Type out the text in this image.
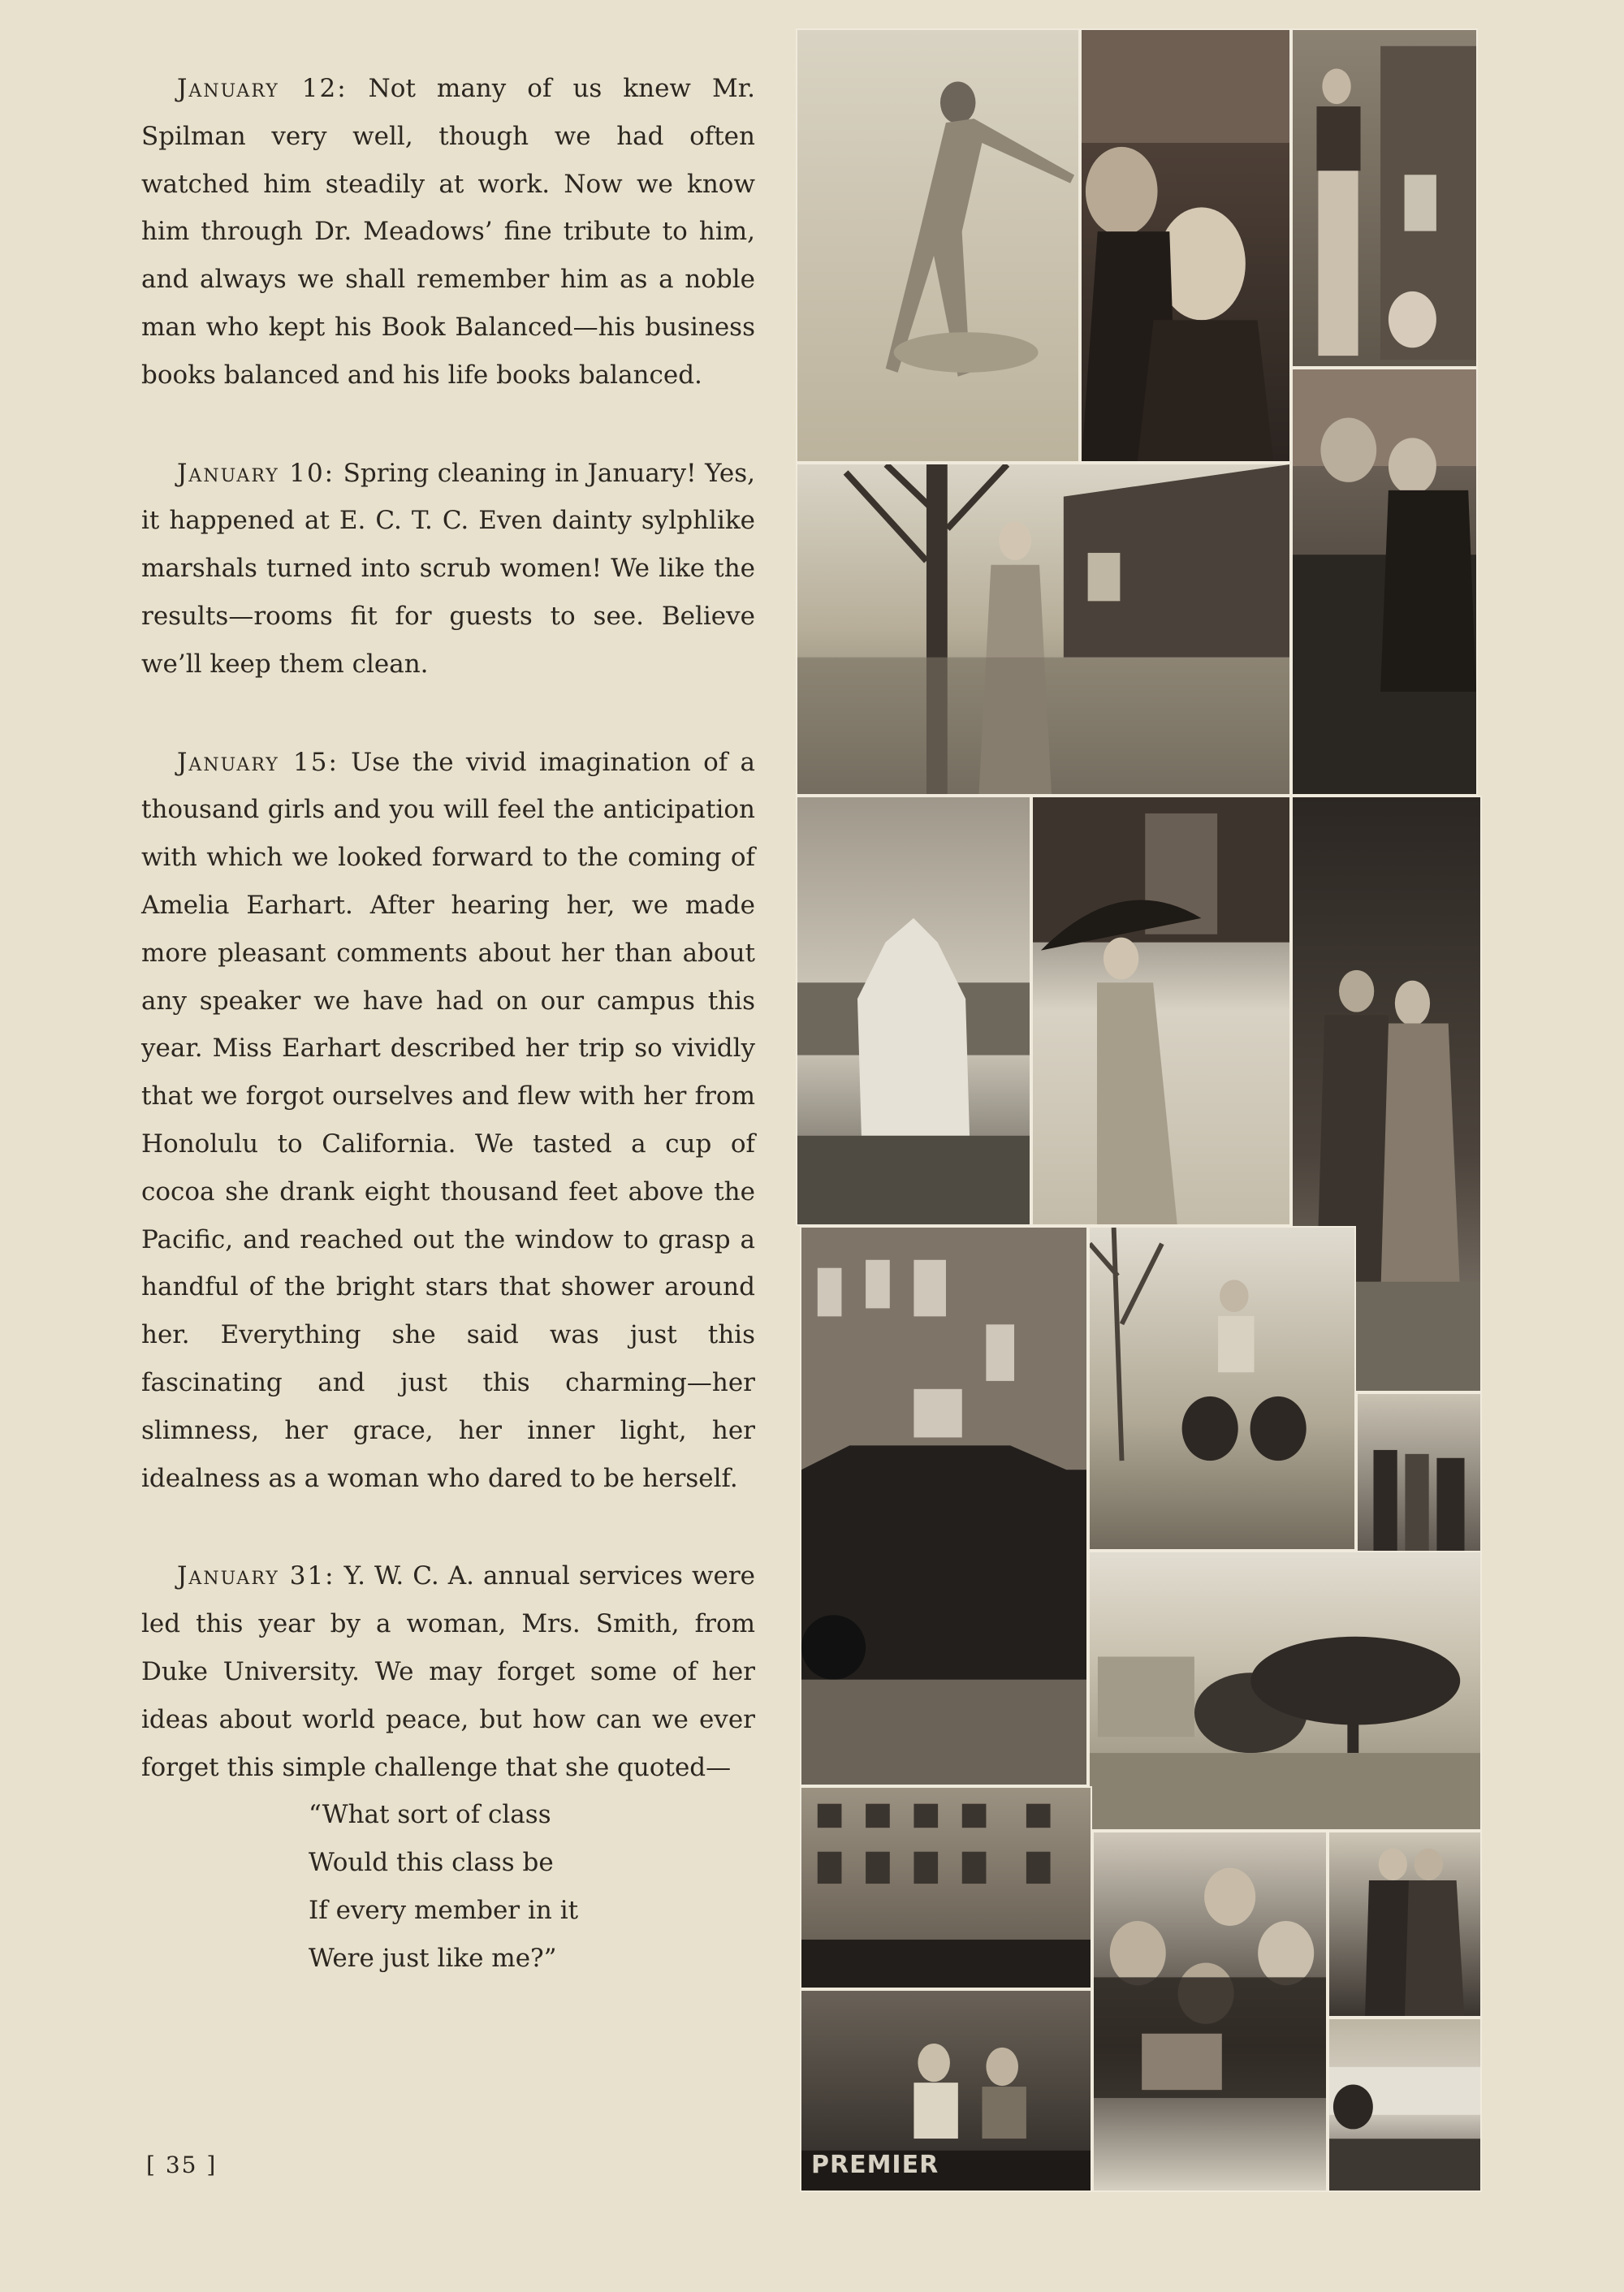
January 12: Not many of us knew Mr. Spilman very well, though we had often watched him steadily at work. Now we know him through Dr. Meadows’ fine tribute to him, and always we shall remember him as a noble man who kept his Book Balanced—his business books balanced and his life books balanced.

January 10: Spring cleaning in January! Yes, it happened at E. C. T. C. Even dainty sylphlike marshals turned into scrub women! We like the results—rooms fit for guests to see. Believe we’ll keep them clean.

January 15: Use the vivid imagination of a thousand girls and you will feel the anticipation with which we looked forward to the coming of Amelia Earhart. After hearing her, we made more pleasant comments about her than about any speaker we have had on our campus this year. Miss Earhart described her trip so vividly that we forgot ourselves and flew with her from Honolulu to California. We tasted a cup of cocoa she drank eight thousand feet above the Pacific, and reached out the window to grasp a handful of the bright stars that shower around her. Everything she said was just this fascinating and just this charming—her slimness, her grace, her inner light, her idealness as a woman who dared to be herself.

January 31: Y. W. C. A. annual services were led this year by a woman, Mrs. Smith, from Duke University. We may forget some of her ideas about world peace, but how can we ever forget this simple challenge that she quoted—

“What sort of class
Would this class be
If every member in it
Were just like me?”
[ 35 ]	PREMIER
